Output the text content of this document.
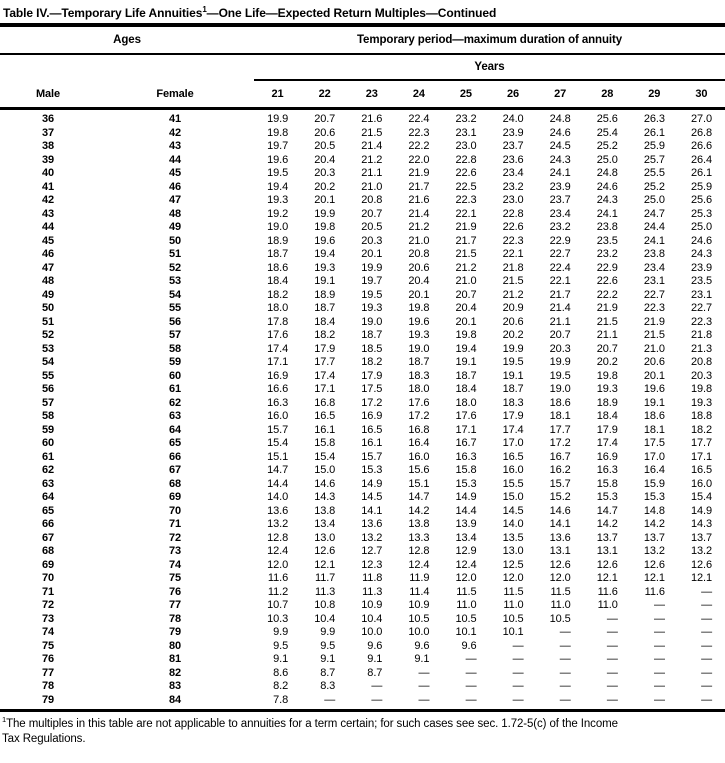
Table IV.—Temporary Life Annuities$^1$—One Life—Expected Return Multiples—Continued
Ages		Temporary period—maximum duration of annuity									
		Years									
Male	Female	21	22	23	24	25	26	27	28	29	30
36	41	19.9	20.7	21.6	22.4	23.2	24.0	24.8	25.6	26.3	27.0
37	42	19.8	20.6	21.5	22.3	23.1	23.9	24.6	25.4	26.1	26.8
38	43	19.7	20.5	21.4	22.2	23.0	23.7	24.5	25.2	25.9	26.6
39	44	19.6	20.4	21.2	22.0	22.8	23.6	24.3	25.0	25.7	26.4
40	45	19.5	20.3	21.1	21.9	22.6	23.4	24.1	24.8	25.5	26.1
41	46	19.4	20.2	21.0	21.7	22.5	23.2	23.9	24.6	25.2	25.9
42	47	19.3	20.1	20.8	21.6	22.3	23.0	23.7	24.3	25.0	25.6
43	48	19.2	19.9	20.7	21.4	22.1	22.8	23.4	24.1	24.7	25.3
44	49	19.0	19.8	20.5	21.2	21.9	22.6	23.2	23.8	24.4	25.0
45	50	18.9	19.6	20.3	21.0	21.7	22.3	22.9	23.5	24.1	24.6
46	51	18.7	19.4	20.1	20.8	21.5	22.1	22.7	23.2	23.8	24.3
47	52	18.6	19.3	19.9	20.6	21.2	21.8	22.4	22.9	23.4	23.9
48	53	18.4	19.1	19.7	20.4	21.0	21.5	22.1	22.6	23.1	23.5
49	54	18.2	18.9	19.5	20.1	20.7	21.2	21.7	22.2	22.7	23.1
50	55	18.0	18.7	19.3	19.8	20.4	20.9	21.4	21.9	22.3	22.7
51	56	17.8	18.4	19.0	19.6	20.1	20.6	21.1	21.5	21.9	22.3
52	57	17.6	18.2	18.7	19.3	19.8	20.2	20.7	21.1	21.5	21.8
53	58	17.4	17.9	18.5	19.0	19.4	19.9	20.3	20.7	21.0	21.3
54	59	17.1	17.7	18.2	18.7	19.1	19.5	19.9	20.2	20.6	20.8
55	60	16.9	17.4	17.9	18.3	18.7	19.1	19.5	19.8	20.1	20.3
56	61	16.6	17.1	17.5	18.0	18.4	18.7	19.0	19.3	19.6	19.8
57	62	16.3	16.8	17.2	17.6	18.0	18.3	18.6	18.9	19.1	19.3
58	63	16.0	16.5	16.9	17.2	17.6	17.9	18.1	18.4	18.6	18.8
59	64	15.7	16.1	16.5	16.8	17.1	17.4	17.7	17.9	18.1	18.2
60	65	15.4	15.8	16.1	16.4	16.7	17.0	17.2	17.4	17.5	17.7
61	66	15.1	15.4	15.7	16.0	16.3	16.5	16.7	16.9	17.0	17.1
62	67	14.7	15.0	15.3	15.6	15.8	16.0	16.2	16.3	16.4	16.5
63	68	14.4	14.6	14.9	15.1	15.3	15.5	15.7	15.8	15.9	16.0
64	69	14.0	14.3	14.5	14.7	14.9	15.0	15.2	15.3	15.3	15.4
65	70	13.6	13.8	14.1	14.2	14.4	14.5	14.6	14.7	14.8	14.9
66	71	13.2	13.4	13.6	13.8	13.9	14.0	14.1	14.2	14.2	14.3
67	72	12.8	13.0	13.2	13.3	13.4	13.5	13.6	13.7	13.7	13.7
68	73	12.4	12.6	12.7	12.8	12.9	13.0	13.1	13.1	13.2	13.2
69	74	12.0	12.1	12.3	12.4	12.4	12.5	12.6	12.6	12.6	12.6
70	75	11.6	11.7	11.8	11.9	12.0	12.0	12.0	12.1	12.1	12.1
71	76	11.2	11.3	11.3	11.4	11.5	11.5	11.5	11.6	11.6	—
72	77	10.7	10.8	10.9	10.9	11.0	11.0	11.0	11.0	—	—
73	78	10.3	10.4	10.4	10.5	10.5	10.5	10.5	—	—	—
74	79	9.9	9.9	10.0	10.0	10.1	10.1	—	—	—	—
75	80	9.5	9.5	9.6	9.6	9.6	—	—	—	—	—
76	81	9.1	9.1	9.1	9.1	—	—	—	—	—	—
77	82	8.6	8.7	8.7	—	—	—	—	—	—	—
78	83	8.2	8.3	—	—	—	—	—	—	—	—
79	84	7.8	—	—	—	—	—	—	—	—	—
$^1$The multiples in this table are not applicable to annuities for a term certain; for such cases see sec. 1.72-5(c) of the Income
Tax Regulations.
